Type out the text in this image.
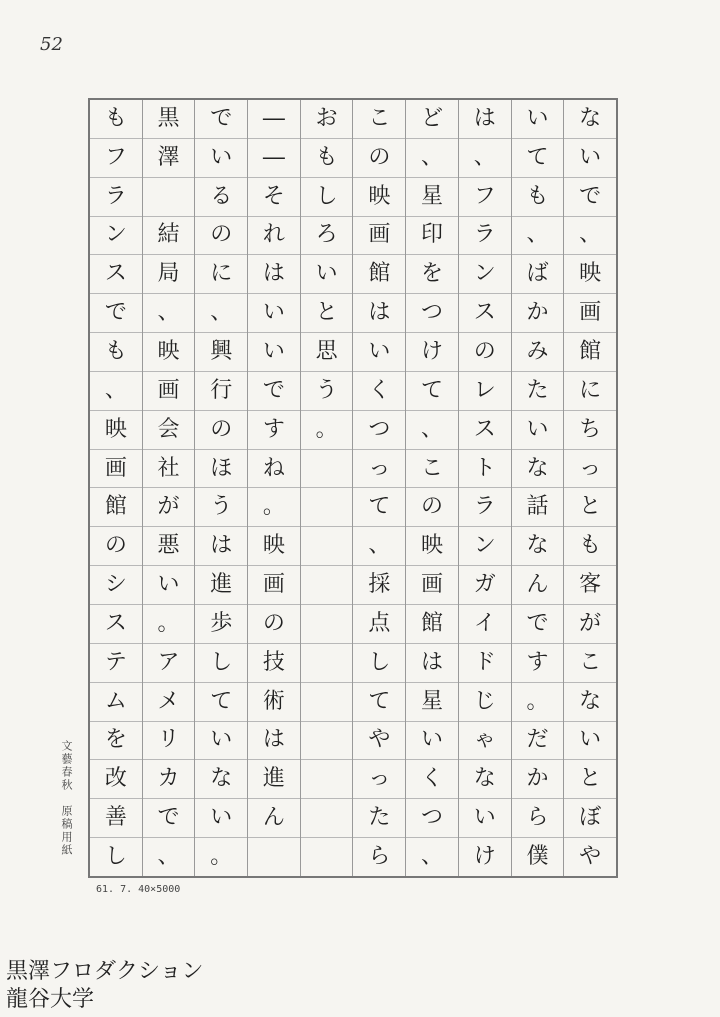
52
な
い
で
、
映
画
館
に
ち
っ
と
も
客
が
こ
な
い
と
ぼ
や
い
て
も
、
ば
か
み
た
い
な
話
な
ん
で
す
。
だ
か
ら
僕
は
、
フ
ラ
ン
ス
の
レ
ス
ト
ラ
ン
ガ
イ
ド
じ
ゃ
な
い
け
ど
、
星
印
を
つ
け
て
、
こ
の
映
画
館
は
星
い
く
つ
、
こ
の
映
画
館
は
い
く
つ
っ
て
、
採
点
し
て
や
っ
た
ら
お
も
し
ろ
い
と
思
う
。
―
―
そ
れ
は
い
い
で
す
ね
。
映
画
の
技
術
は
進
ん
で
い
る
の
に
、
興
行
の
ほ
う
は
進
歩
し
て
い
な
い
。
黒
澤

結
局
、
映
画
会
社
が
悪
い
。
ア
メ
リ
カ
で
、
も
フ
ラ
ン
ス
で
も
、
映
画
館
の
シ
ス
テ
ム
を
改
善
し
文藝春秋　原稿用紙
61. 7. 40×5000
黒澤フロダクション
龍谷大学
